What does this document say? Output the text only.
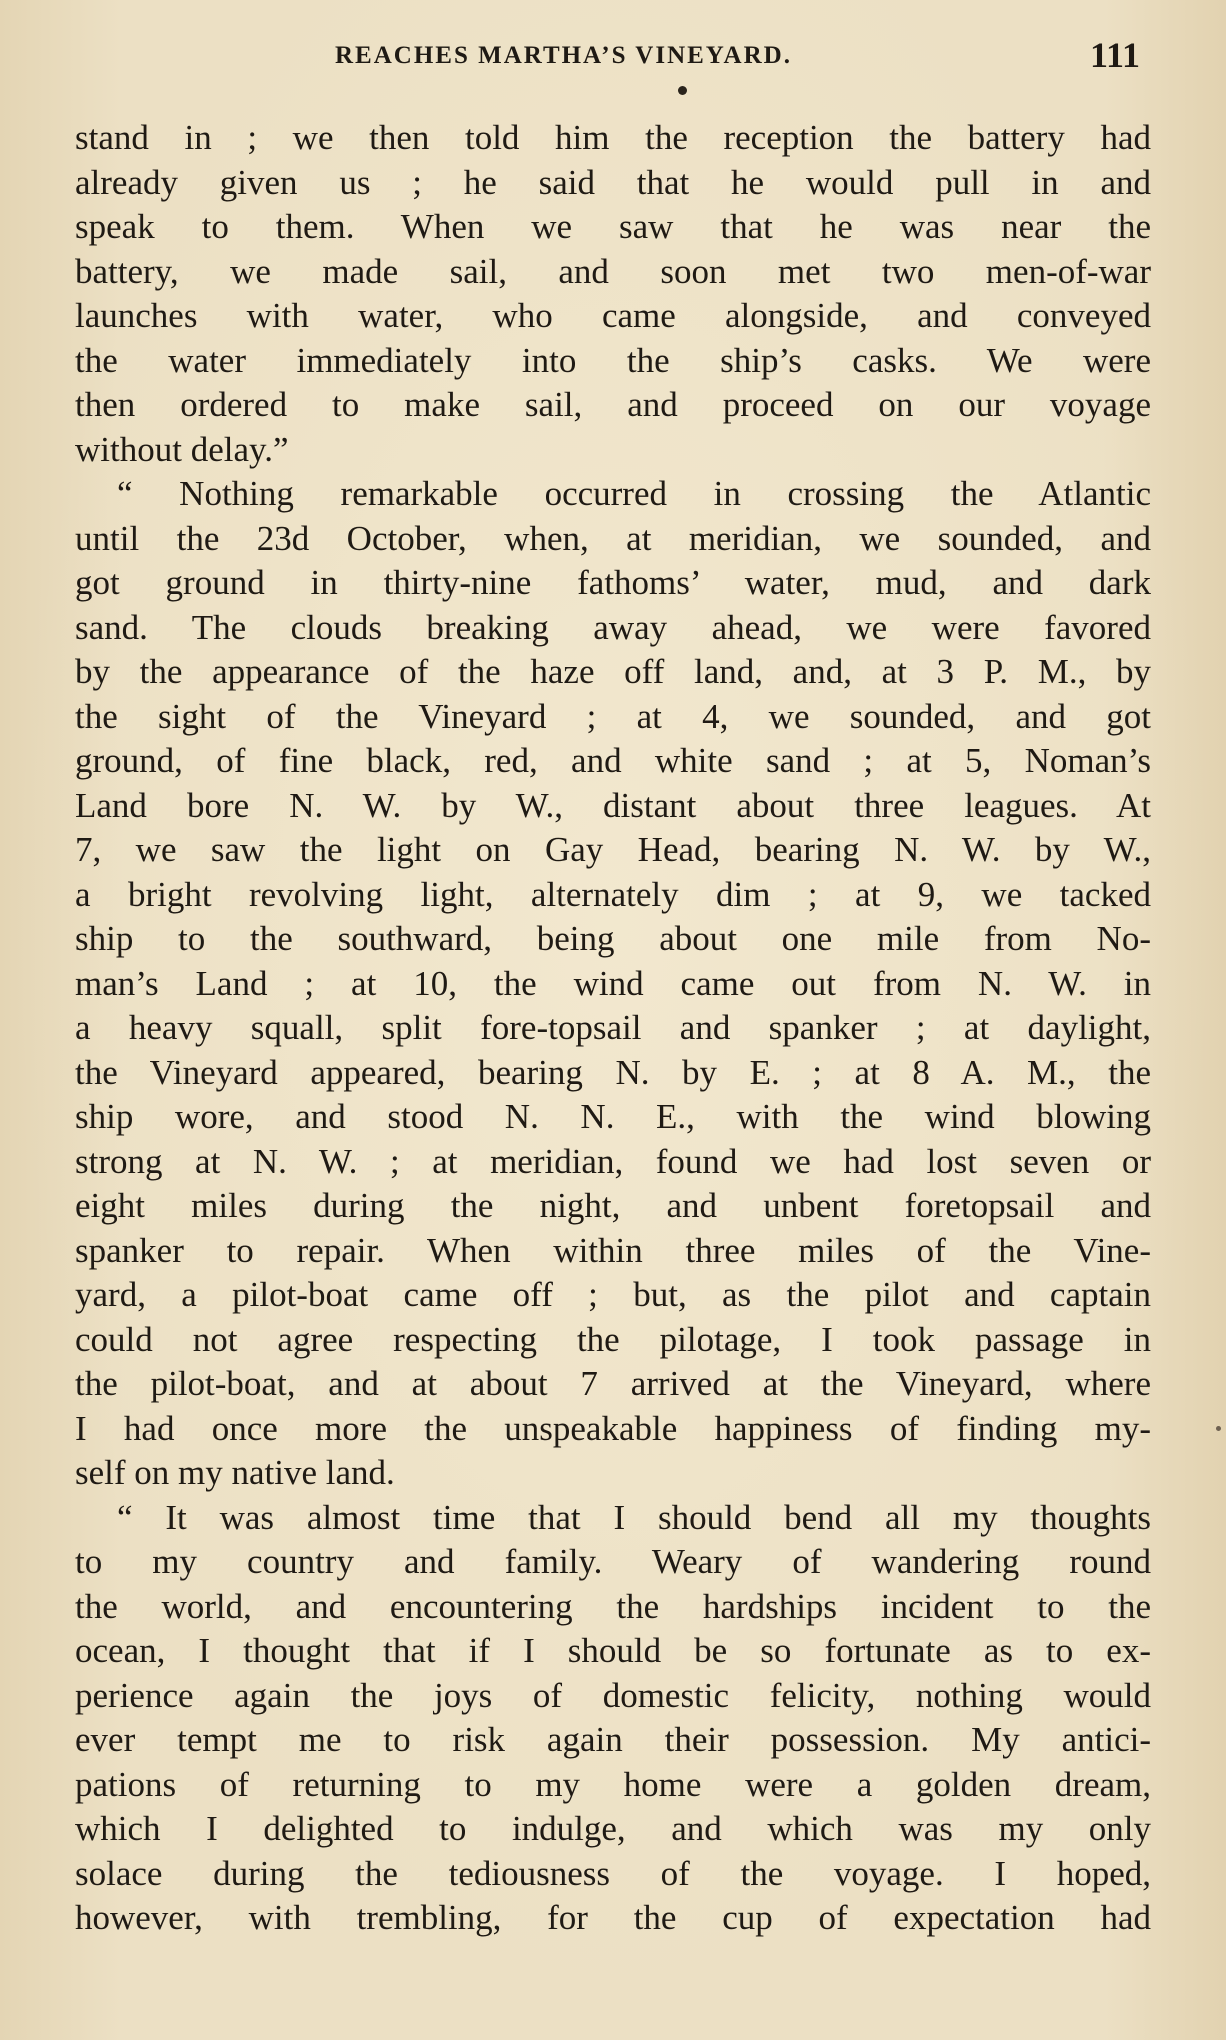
REACHES MARTHA’S VINEYARD.	111
stand in ; we then told him the reception the battery had
already given us ; he said that he would pull in and
speak to them. When we saw that he was near the
battery, we made sail, and soon met two men-of-war
launches with water, who came alongside, and conveyed
the water immediately into the ship’s casks. We were
then ordered to make sail, and proceed on our voyage
without delay.”
“ Nothing remarkable occurred in crossing the Atlantic
until the 23d October, when, at meridian, we sounded, and
got ground in thirty-nine fathoms’ water, mud, and dark
sand. The clouds breaking away ahead, we were favored
by the appearance of the haze off land, and, at 3 P. M., by
the sight of the Vineyard ; at 4, we sounded, and got
ground, of fine black, red, and white sand ; at 5, Noman’s
Land bore N. W. by W., distant about three leagues. At
7, we saw the light on Gay Head, bearing N. W. by W.,
a bright revolving light, alternately dim ; at 9, we tacked
ship to the southward, being about one mile from No-
man’s Land ; at 10, the wind came out from N. W. in
a heavy squall, split fore-topsail and spanker ; at daylight,
the Vineyard appeared, bearing N. by E. ; at 8 A. M., the
ship wore, and stood N. N. E., with the wind blowing
strong at N. W. ; at meridian, found we had lost seven or
eight miles during the night, and unbent foretopsail and
spanker to repair. When within three miles of the Vine-
yard, a pilot-boat came off ; but, as the pilot and captain
could not agree respecting the pilotage, I took passage in
the pilot-boat, and at about 7 arrived at the Vineyard, where
I had once more the unspeakable happiness of finding my-
self on my native land.
“ It was almost time that I should bend all my thoughts
to my country and family. Weary of wandering round
the world, and encountering the hardships incident to the
ocean, I thought that if I should be so fortunate as to ex-
perience again the joys of domestic felicity, nothing would
ever tempt me to risk again their possession. My antici-
pations of returning to my home were a golden dream,
which I delighted to indulge, and which was my only
solace during the tediousness of the voyage. I hoped,
however, with trembling, for the cup of expectation had
